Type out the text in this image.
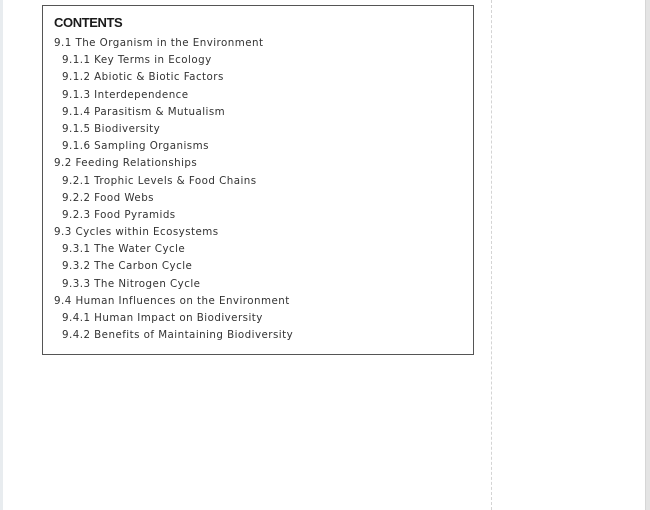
CONTENTS
9.1 The Organism in the Environment
9.1.1 Key Terms in Ecology
9.1.2 Abiotic & Biotic Factors
9.1.3 Interdependence
9.1.4 Parasitism & Mutualism
9.1.5 Biodiversity
9.1.6 Sampling Organisms
9.2 Feeding Relationships
9.2.1 Trophic Levels & Food Chains
9.2.2 Food Webs
9.2.3 Food Pyramids
9.3 Cycles within Ecosystems
9.3.1 The Water Cycle
9.3.2 The Carbon Cycle
9.3.3 The Nitrogen Cycle
9.4 Human Influences on the Environment
9.4.1 Human Impact on Biodiversity
9.4.2 Benefits of Maintaining Biodiversity
